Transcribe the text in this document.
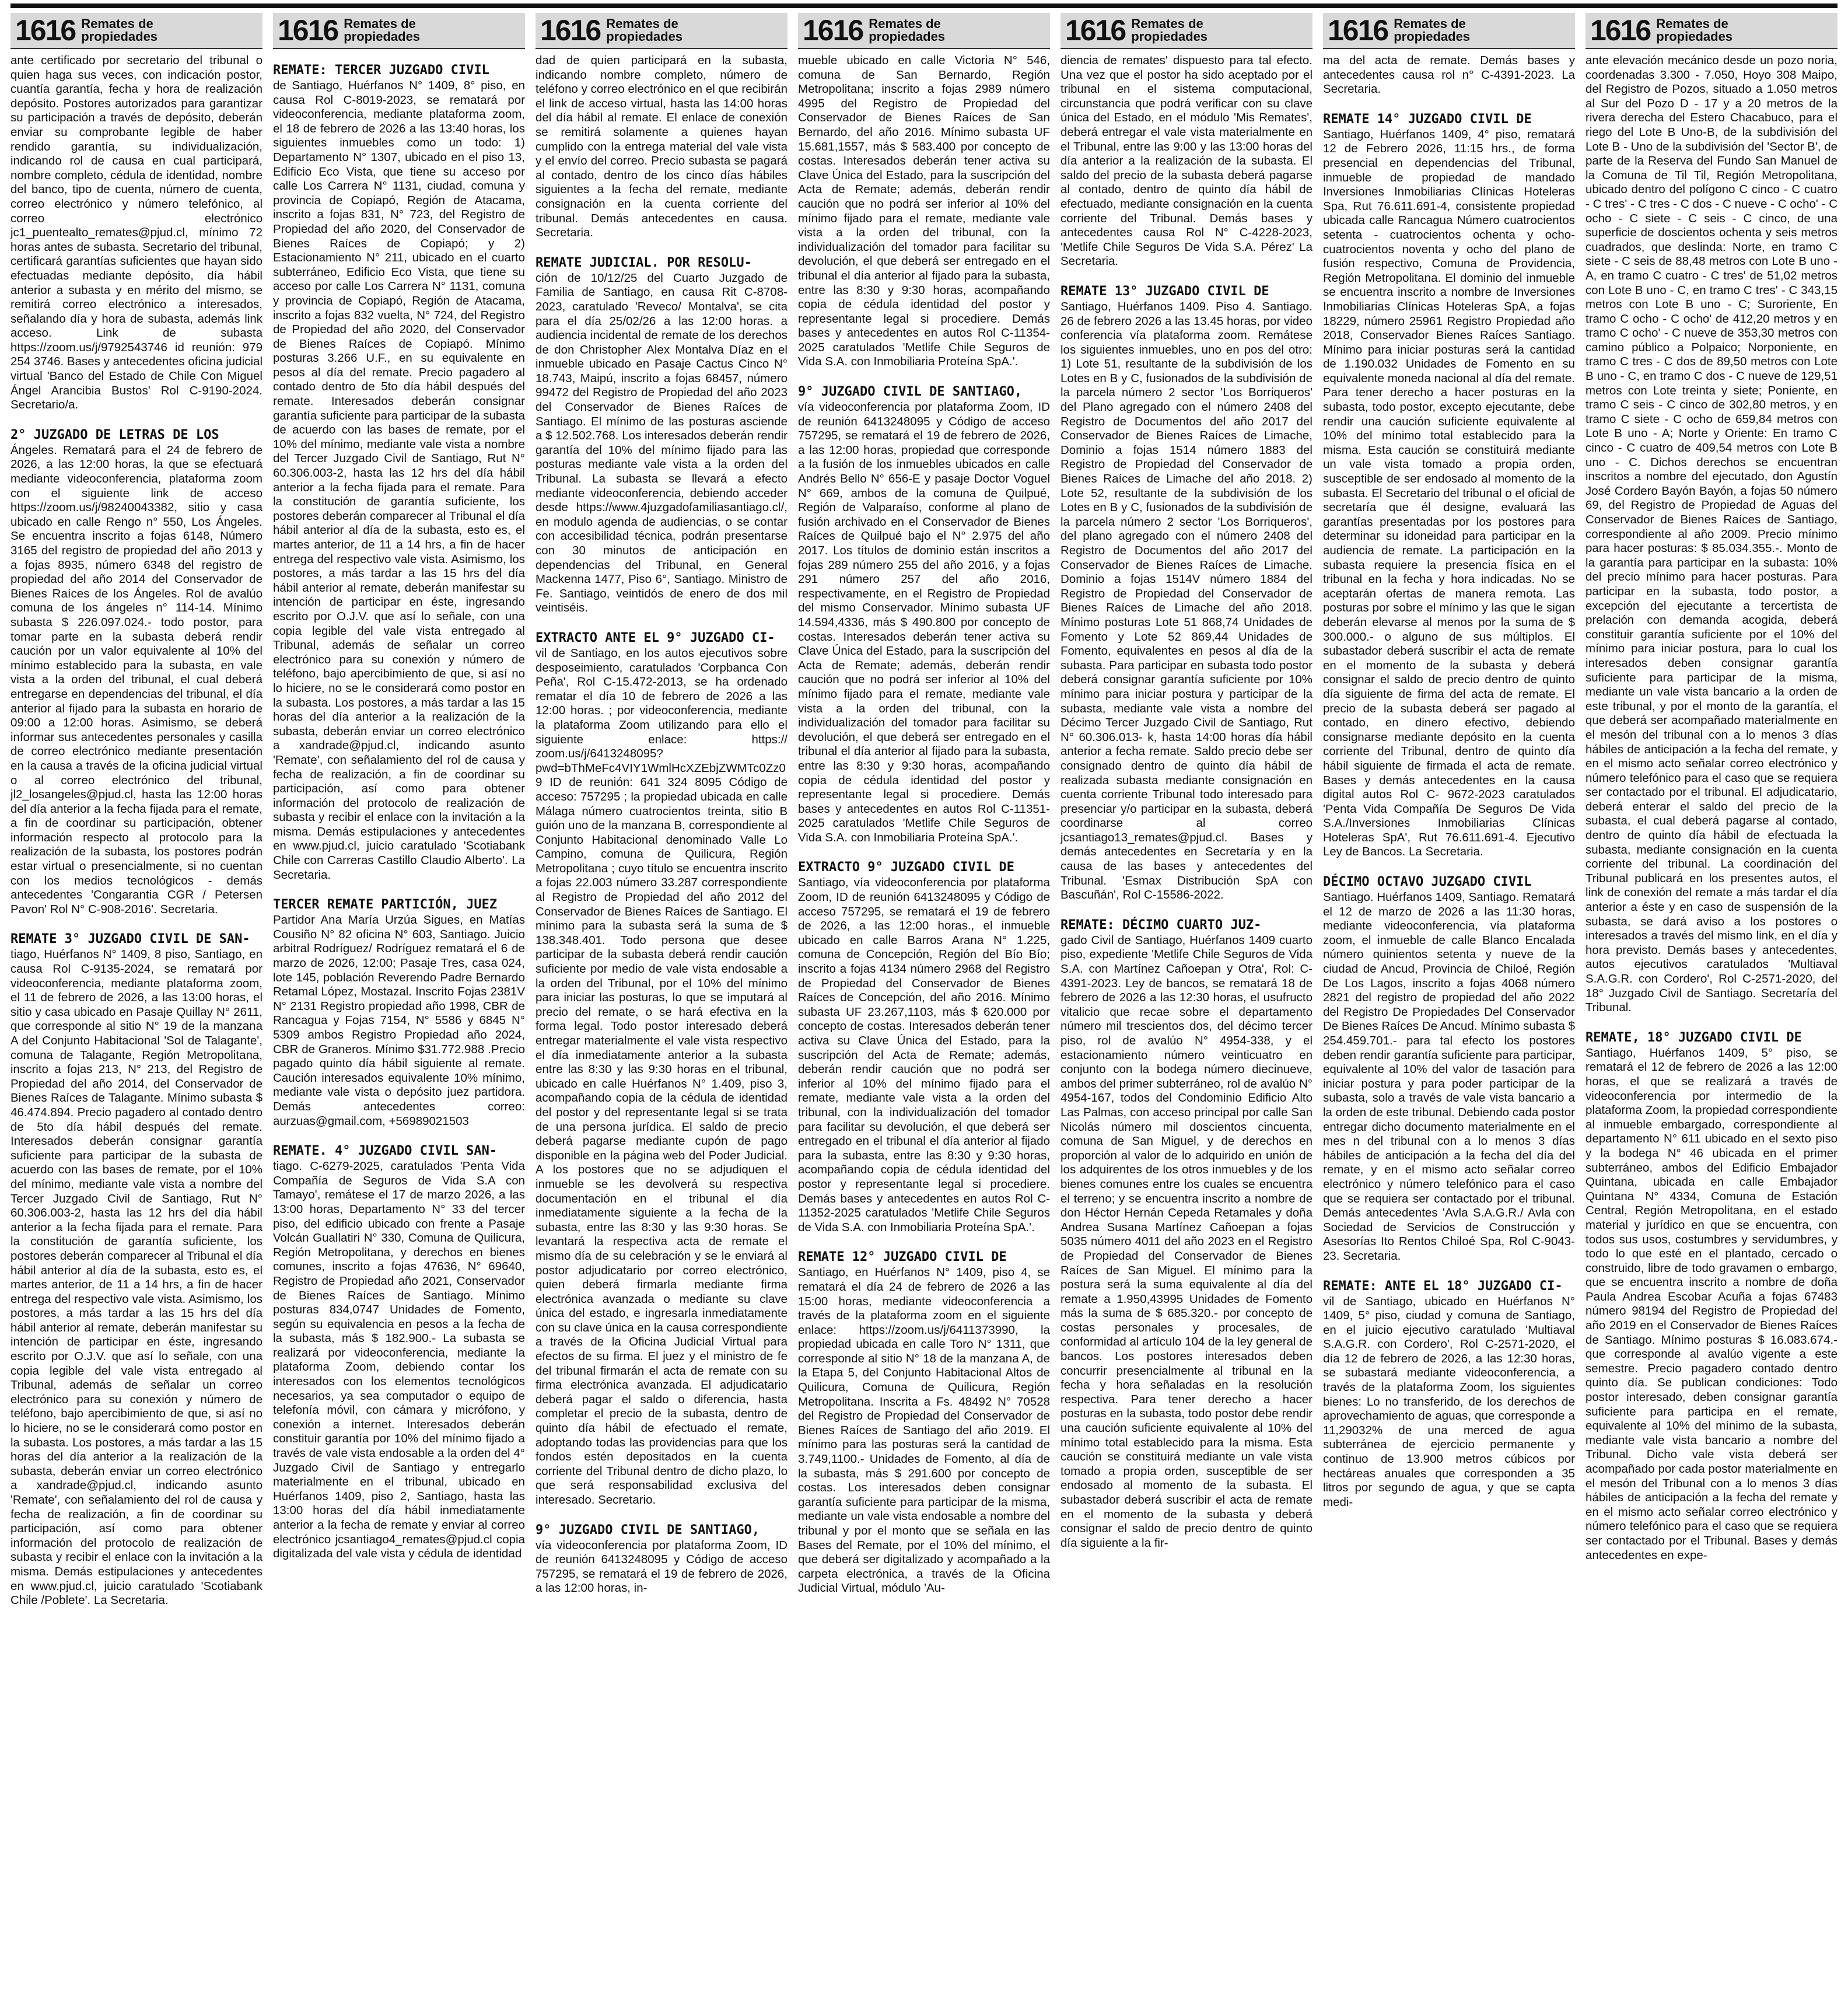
1616 Remates de
propiedades

ante certificado por secretario del tribunal o quien haga sus veces, con indicación postor, cuantía garantía, fecha y hora de realización depósito. Postores autorizados para garantizar su participación a través de depósito, deberán enviar su comprobante legible de haber rendido garantía, su individualización, indicando rol de causa en cual participará, nombre completo, cédula de identidad, nombre del banco, tipo de cuenta, número de cuenta, correo electrónico y número telefónico, al correo electrónico jc1_puentealto_remates@pjud.cl, mínimo 72 horas antes de subasta. Secretario del tribunal, certificará garantías suficientes que hayan sido efectuadas mediante depósito, día hábil anterior a subasta y en mérito del mismo, se remitirá correo electrónico a interesados, señalando día y hora de subasta, además link acceso. Link de subasta https://zoom.us/j/9792543746 id reunión: 979 254 3746. Bases y antecedentes oficina judicial virtual 'Banco del Estado de Chile Con Miguel Ángel Arancibia Bustos' Rol C-9190-2024. Secretario/a.

2° JUZGADO DE LETRAS DE LOS

Ángeles. Rematará para el 24 de febrero de 2026, a las 12:00 horas, la que se efectuará mediante videoconferencia, plataforma zoom con el siguiente link de acceso https://zoom.us/j/98240043382, sitio y casa ubicado en calle Rengo n° 550, Los Ángeles. Se encuentra inscrito a fojas 6148, Número 3165 del registro de propiedad del año 2013 y a fojas 8935, número 6348 del registro de propiedad del año 2014 del Conservador de Bienes Raíces de los Ángeles. Rol de avalúo comuna de los ángeles n° 114-14. Mínimo subasta $ 226.097.024.- todo postor, para tomar parte en la subasta deberá rendir caución por un valor equivalente al 10% del mínimo establecido para la subasta, en vale vista a la orden del tribunal, el cual deberá entregarse en dependencias del tribunal, el día anterior al fijado para la subasta en horario de 09:00 a 12:00 horas. Asimismo, se deberá informar sus antecedentes personales y casilla de correo electrónico mediante presentación en la causa a través de la oficina judicial virtual o al correo electrónico del tribunal, jl2_losangeles@pjud.cl, hasta las 12:00 horas del día anterior a la fecha fijada para el remate, a fin de coordinar su participación, obtener información respecto al protocolo para la realización de la subasta, los postores podrán estar virtual o presencialmente, si no cuentan con los medios tecnológicos - demás antecedentes 'Congarantia CGR / Petersen Pavon' Rol N° C-908-2016'. Secretaria.

REMATE 3° JUZGADO CIVIL DE SAN-

tiago, Huérfanos N° 1409, 8 piso, Santiago, en causa Rol C-9135-2024, se rematará por videoconferencia, mediante plataforma zoom, el 11 de febrero de 2026, a las 13:00 horas, el sitio y casa ubicado en Pasaje Quillay N° 2611, que corresponde al sitio N° 19 de la manzana A del Conjunto Habitacional 'Sol de Talagante', comuna de Talagante, Región Metropolitana, inscrito a fojas 213, N° 213, del Registro de Propiedad del año 2014, del Conservador de Bienes Raíces de Talagante. Mínimo subasta $ 46.474.894. Precio pagadero al contado dentro de 5to día hábil después del remate. Interesados deberán consignar garantía suficiente para participar de la subasta de acuerdo con las bases de remate, por el 10% del mínimo, mediante vale vista a nombre del Tercer Juzgado Civil de Santiago, Rut N° 60.306.003-2, hasta las 12 hrs del día hábil anterior a la fecha fijada para el remate. Para la constitución de garantía suficiente, los postores deberán comparecer al Tribunal el día hábil anterior al día de la subasta, esto es, el martes anterior, de 11 a 14 hrs, a fin de hacer entrega del respectivo vale vista. Asimismo, los postores, a más tardar a las 15 hrs del día hábil anterior al remate, deberán manifestar su intención de participar en éste, ingresando escrito por O.J.V. que así lo señale, con una copia legible del vale vista entregado al Tribunal, además de señalar un correo electrónico para su conexión y número de teléfono, bajo apercibimiento de que, si así no lo hiciere, no se le considerará como postor en la subasta. Los postores, a más tardar a las 15 horas del día anterior a la realización de la subasta, deberán enviar un correo electrónico a xandrade@pjud.cl, indicando asunto 'Remate', con señalamiento del rol de causa y fecha de realización, a fin de coordinar su participación, así como para obtener información del protocolo de realización de subasta y recibir el enlace con la invitación a la misma. Demás estipulaciones y antecedentes en www.pjud.cl, juicio caratulado 'Scotiabank Chile /Poblete'. La Secretaria.

1616 Remates de
propiedades
REMATE: TERCER JUZGADO CIVIL

de Santiago, Huérfanos N° 1409, 8° piso, en causa Rol C-8019-2023, se rematará por videoconferencia, mediante plataforma zoom, el 18 de febrero de 2026 a las 13:40 horas, los siguientes inmuebles como un todo: 1) Departamento N° 1307, ubicado en el piso 13, Edificio Eco Vista, que tiene su acceso por calle Los Carrera N° 1131, ciudad, comuna y provincia de Copiapó, Región de Atacama, inscrito a fojas 831, N° 723, del Registro de Propiedad del año 2020, del Conservador de Bienes Raíces de Copiapó; y 2) Estacionamiento N° 211, ubicado en el cuarto subterráneo, Edificio Eco Vista, que tiene su acceso por calle Los Carrera N° 1131, comuna y provincia de Copiapó, Región de Atacama, inscrito a fojas 832 vuelta, N° 724, del Registro de Propiedad del año 2020, del Conservador de Bienes Raíces de Copiapó. Mínimo posturas 3.266 U.F., en su equivalente en pesos al día del remate. Precio pagadero al contado dentro de 5to día hábil después del remate. Interesados deberán consignar garantía suficiente para participar de la subasta de acuerdo con las bases de remate, por el 10% del mínimo, mediante vale vista a nombre del Tercer Juzgado Civil de Santiago, Rut N° 60.306.003-2, hasta las 12 hrs del día hábil anterior a la fecha fijada para el remate. Para la constitución de garantía suficiente, los postores deberán comparecer al Tribunal el día hábil anterior al día de la subasta, esto es, el martes anterior, de 11 a 14 hrs, a fin de hacer entrega del respectivo vale vista. Asimismo, los postores, a más tardar a las 15 hrs del día hábil anterior al remate, deberán manifestar su intención de participar en éste, ingresando escrito por O.J.V. que así lo señale, con una copia legible del vale vista entregado al Tribunal, además de señalar un correo electrónico para su conexión y número de teléfono, bajo apercibimiento de que, si así no lo hiciere, no se le considerará como postor en la subasta. Los postores, a más tardar a las 15 horas del día anterior a la realización de la subasta, deberán enviar un correo electrónico a xandrade@pjud.cl, indicando asunto 'Remate', con señalamiento del rol de causa y fecha de realización, a fin de coordinar su participación, así como para obtener información del protocolo de realización de subasta y recibir el enlace con la invitación a la misma. Demás estipulaciones y antecedentes en www.pjud.cl, juicio caratulado 'Scotiabank Chile con Carreras Castillo Claudio Alberto'. La Secretaria.

TERCER REMATE PARTICIÓN, JUEZ

Partidor Ana María Urzúa Sigues, en Matías Cousiño N° 82 oficina N° 603, Santiago. Juicio arbitral Rodríguez/ Rodríguez rematará el 6 de marzo de 2026, 12:00; Pasaje Tres, casa 024, lote 145, población Reverendo Padre Bernardo Retamal López, Mostazal. Inscrito Fojas 2381V N° 2131 Registro propiedad año 1998, CBR de Rancagua y Fojas 7154, N° 5586 y 6845 N° 5309 ambos Registro Propiedad año 2024, CBR de Graneros. Mínimo $31.772.988 .Precio pagado quinto día hábil siguiente al remate. Caución interesados equivalente 10% mínimo, mediante vale vista o depósito juez partidora. Demás antecedentes correo: aurzuas@gmail.com, +56989021503

REMATE. 4° JUZGADO CIVIL SAN-

tiago. C-6279-2025, caratulados 'Penta Vida Compañía de Seguros de Vida S.A con Tamayo', remátese el 17 de marzo 2026, a las 13:00 horas, Departamento N° 33 del tercer piso, del edificio ubicado con frente a Pasaje Volcán Guallatiri N° 330, Comuna de Quilicura, Región Metropolitana, y derechos en bienes comunes, inscrito a fojas 47636, N° 69640, Registro de Propiedad año 2021, Conservador de Bienes Raíces de Santiago. Mínimo posturas 834,0747 Unidades de Fomento, según su equivalencia en pesos a la fecha de la subasta, más $ 182.900.- La subasta se realizará por videoconferencia, mediante la plataforma Zoom, debiendo contar los interesados con los elementos tecnológicos necesarios, ya sea computador o equipo de telefonía móvil, con cámara y micrófono, y conexión a internet. Interesados deberán constituir garantía por 10% del mínimo fijado a través de vale vista endosable a la orden del 4° Juzgado Civil de Santiago y entregarlo materialmente en el tribunal, ubicado en Huérfanos 1409, piso 2, Santiago, hasta las 13:00 horas del día hábil inmediatamente anterior a la fecha de remate y enviar al correo electrónico jcsantiago4_remates@pjud.cl copia digitalizada del vale vista y cédula de identidad

1616 Remates de
propiedades

dad de quien participará en la subasta, indicando nombre completo, número de teléfono y correo electrónico en el que recibirán el link de acceso virtual, hasta las 14:00 horas del día hábil al remate. El enlace de conexión se remitirá solamente a quienes hayan cumplido con la entrega material del vale vista y el envío del correo. Precio subasta se pagará al contado, dentro de los cinco días hábiles siguientes a la fecha del remate, mediante consignación en la cuenta corriente del tribunal. Demás antecedentes en causa. Secretaria.

REMATE JUDICIAL. POR RESOLU-

ción de 10/12/25 del Cuarto Juzgado de Familia de Santiago, en causa Rit C-8708-2023, caratulado 'Reveco/ Montalva', se cita para el día 25/02/26 a las 12:00 horas. a audiencia incidental de remate de los derechos de don Christopher Alex Montalva Díaz en el inmueble ubicado en Pasaje Cactus Cinco N° 18.743, Maipú, inscrito a fojas 68457, número 99472 del Registro de Propiedad del año 2023 del Conservador de Bienes Raíces de Santiago. El mínimo de las posturas asciende a $ 12.502.768. Los interesados deberán rendir garantía del 10% del mínimo fijado para las posturas mediante vale vista a la orden del Tribunal. La subasta se llevará a efecto mediante videoconferencia, debiendo acceder desde https://www.4juzgadofamiliasantiago.cl/, en modulo agenda de audiencias, o se contar con accesibilidad técnica, podrán presentarse con 30 minutos de anticipación en dependencias del Tribunal, en General Mackenna 1477, Piso 6°, Santiago. Ministro de Fe. Santiago, veintidós de enero de dos mil veintiséis.

EXTRACTO ANTE EL 9° JUZGADO CI-

vil de Santiago, en los autos ejecutivos sobre desposeimiento, caratulados 'Corpbanca Con Peña', Rol C-15.472-2013, se ha ordenado rematar el día 10 de febrero de 2026 a las 12:00 horas. ; por videoconferencia, mediante la plataforma Zoom utilizando para ello el siguiente enlace: https:// zoom.us/j/6413248095? pwd=bThMeFc4VIY1WmlHcXZEbjZWMTc0Zz09 ID de reunión: 641 324 8095 Código de acceso: 757295 ; la propiedad ubicada en calle Málaga número cuatrocientos treinta, sitio B guión uno de la manzana B, correspondiente al Conjunto Habitacional denominado Valle Lo Campino, comuna de Quilicura, Región Metropolitana ; cuyo título se encuentra inscrito a fojas 22.003 número 33.287 correspondiente al Registro de Propiedad del año 2012 del Conservador de Bienes Raíces de Santiago. El mínimo para la subasta será la suma de $ 138.348.401. Todo persona que desee participar de la subasta deberá rendir caución suficiente por medio de vale vista endosable a la orden del Tribunal, por el 10% del mínimo para iniciar las posturas, lo que se imputará al precio del remate, o se hará efectiva en la forma legal. Todo postor interesado deberá entregar materialmente el vale vista respectivo el día inmediatamente anterior a la subasta entre las 8:30 y las 9:30 horas en el tribunal, ubicado en calle Huérfanos N° 1.409, piso 3, acompañando copia de la cédula de identidad del postor y del representante legal si se trata de una persona jurídica. El saldo de precio deberá pagarse mediante cupón de pago disponible en la página web del Poder Judicial. A los postores que no se adjudiquen el inmueble se les devolverá su respectiva documentación en el tribunal el día inmediatamente siguiente a la fecha de la subasta, entre las 8:30 y las 9:30 horas. Se levantará la respectiva acta de remate el mismo día de su celebración y se le enviará al postor adjudicatario por correo electrónico, quien deberá firmarla mediante firma electrónica avanzada o mediante su clave única del estado, e ingresarla inmediatamente con su clave única en la causa correspondiente a través de la Oficina Judicial Virtual para efectos de su firma. El juez y el ministro de fe del tribunal firmarán el acta de remate con su firma electrónica avanzada. El adjudicatario deberá pagar el saldo o diferencia, hasta completar el precio de la subasta, dentro de quinto día hábil de efectuado el remate, adoptando todas las providencias para que los fondos estén depositados en la cuenta corriente del Tribunal dentro de dicho plazo, lo que será responsabilidad exclusiva del interesado. Secretario.

9° JUZGADO CIVIL DE SANTIAGO,

vía videoconferencia por plataforma Zoom, ID de reunión 6413248095 y Código de acceso 757295, se rematará el 19 de febrero de 2026, a las 12:00 horas, in-

1616 Remates de
propiedades

mueble ubicado en calle Victoria N° 546, comuna de San Bernardo, Región Metropolitana; inscrito a fojas 2989 número 4995 del Registro de Propiedad del Conservador de Bienes Raíces de San Bernardo, del año 2016. Mínimo subasta UF 15.681,1557, más $ 583.400 por concepto de costas. Interesados deberán tener activa su Clave Única del Estado, para la suscripción del Acta de Remate; además, deberán rendir caución que no podrá ser inferior al 10% del mínimo fijado para el remate, mediante vale vista a la orden del tribunal, con la individualización del tomador para facilitar su devolución, el que deberá ser entregado en el tribunal el día anterior al fijado para la subasta, entre las 8:30 y 9:30 horas, acompañando copia de cédula identidad del postor y representante legal si procediere. Demás bases y antecedentes en autos Rol C-11354-2025 caratulados 'Metlife Chile Seguros de Vida S.A. con Inmobiliaria Proteína SpA.'.

9° JUZGADO CIVIL DE SANTIAGO,

vía videoconferencia por plataforma Zoom, ID de reunión 6413248095 y Código de acceso 757295, se rematará el 19 de febrero de 2026, a las 12:00 horas, propiedad que corresponde a la fusión de los inmuebles ubicados en calle Andrés Bello N° 656-E y pasaje Doctor Voguel N° 669, ambos de la comuna de Quilpué, Región de Valparaíso, conforme al plano de fusión archivado en el Conservador de Bienes Raíces de Quilpué bajo el N° 2.975 del año 2017. Los títulos de dominio están inscritos a fojas 289 número 255 del año 2016, y a fojas 291 número 257 del año 2016, respectivamente, en el Registro de Propiedad del mismo Conservador. Mínimo subasta UF 14.594,4336, más $ 490.800 por concepto de costas. Interesados deberán tener activa su Clave Única del Estado, para la suscripción del Acta de Remate; además, deberán rendir caución que no podrá ser inferior al 10% del mínimo fijado para el remate, mediante vale vista a la orden del tribunal, con la individualización del tomador para facilitar su devolución, el que deberá ser entregado en el tribunal el día anterior al fijado para la subasta, entre las 8:30 y 9:30 horas, acompañando copia de cédula identidad del postor y representante legal si procediere. Demás bases y antecedentes en autos Rol C-11351-2025 caratulados 'Metlife Chile Seguros de Vida S.A. con Inmobiliaria Proteína SpA.'.

EXTRACTO 9° JUZGADO CIVIL DE

Santiago, vía videoconferencia por plataforma Zoom, ID de reunión 6413248095 y Código de acceso 757295, se rematará el 19 de febrero de 2026, a las 12:00 horas., el inmueble ubicado en calle Barros Arana N° 1.225, comuna de Concepción, Región del Bío Bío; inscrito a fojas 4134 número 2968 del Registro de Propiedad del Conservador de Bienes Raíces de Concepción, del año 2016. Mínimo subasta UF 23.267,1103, más $ 620.000 por concepto de costas. Interesados deberán tener activa su Clave Única del Estado, para la suscripción del Acta de Remate; además, deberán rendir caución que no podrá ser inferior al 10% del mínimo fijado para el remate, mediante vale vista a la orden del tribunal, con la individualización del tomador para facilitar su devolución, el que deberá ser entregado en el tribunal el día anterior al fijado para la subasta, entre las 8:30 y 9:30 horas, acompañando copia de cédula identidad del postor y representante legal si procediere. Demás bases y antecedentes en autos Rol C-11352-2025 caratulados 'Metlife Chile Seguros de Vida S.A. con Inmobiliaria Proteína SpA.'.

REMATE 12° JUZGADO CIVIL DE

Santiago, en Huérfanos N° 1409, piso 4, se rematará el día 24 de febrero de 2026 a las 15:00 horas, mediante videoconferencia a través de la plataforma zoom en el siguiente enlace: https://zoom.us/j/6411373990, la propiedad ubicada en calle Toro N° 1311, que corresponde al sitio N° 18 de la manzana A, de la Etapa 5, del Conjunto Habitacional Altos de Quilicura, Comuna de Quilicura, Región Metropolitana. Inscrita a Fs. 48492 N° 70528 del Registro de Propiedad del Conservador de Bienes Raíces de Santiago del año 2019. El mínimo para las posturas será la cantidad de 3.749,1100.- Unidades de Fomento, al día de la subasta, más $ 291.600 por concepto de costas. Los interesados deben consignar garantía suficiente para participar de la misma, mediante un vale vista endosable a nombre del tribunal y por el monto que se señala en las Bases del Remate, por el 10% del mínimo, el que deberá ser digitalizado y acompañado a la carpeta electrónica, a través de la Oficina Judicial Virtual, módulo 'Au-

1616 Remates de
propiedades

diencia de remates' dispuesto para tal efecto. Una vez que el postor ha sido aceptado por el tribunal en el sistema computacional, circunstancia que podrá verificar con su clave única del Estado, en el módulo 'Mis Remates', deberá entregar el vale vista materialmente en el Tribunal, entre las 9:00 y las 13:00 horas del día anterior a la realización de la subasta. El saldo del precio de la subasta deberá pagarse al contado, dentro de quinto día hábil de efectuado, mediante consignación en la cuenta corriente del Tribunal. Demás bases y antecedentes causa Rol N° C-4228-2023, 'Metlife Chile Seguros De Vida S.A. Pérez' La Secretaria.

REMATE 13° JUZGADO CIVIL DE

Santiago, Huérfanos 1409. Piso 4. Santiago. 26 de febrero 2026 a las 13.45 horas, por video conferencia vía plataforma zoom. Remátese los siguientes inmuebles, uno en pos del otro: 1) Lote 51, resultante de la subdivisión de los Lotes en B y C, fusionados de la subdivisión de la parcela número 2 sector 'Los Borriqueros' del Plano agregado con el número 2408 del Registro de Documentos del año 2017 del Conservador de Bienes Raíces de Limache, Dominio a fojas 1514 número 1883 del Registro de Propiedad del Conservador de Bienes Raíces de Limache del año 2018. 2) Lote 52, resultante de la subdivisión de los Lotes en B y C, fusionados de la subdivisión de la parcela número 2 sector 'Los Borriqueros', del plano agregado con el número 2408 del Registro de Documentos del año 2017 del Conservador de Bienes Raíces de Limache. Dominio a fojas 1514V número 1884 del Registro de Propiedad del Conservador de Bienes Raíces de Limache del año 2018. Mínimo posturas Lote 51 868,74 Unidades de Fomento y Lote 52 869,44 Unidades de Fomento, equivalentes en pesos al día de la subasta. Para participar en subasta todo postor deberá consignar garantía suficiente por 10% mínimo para iniciar postura y participar de la subasta, mediante vale vista a nombre del Décimo Tercer Juzgado Civil de Santiago, Rut N° 60.306.013- k, hasta 14:00 horas día hábil anterior a fecha remate. Saldo precio debe ser consignado dentro de quinto día hábil de realizada subasta mediante consignación en cuenta corriente Tribunal todo interesado para presenciar y/o participar en la subasta, deberá coordinarse al correo jcsantiago13_remates@pjud.cl. Bases y demás antecedentes en Secretaría y en la causa de las bases y antecedentes del Tribunal. 'Esmax Distribución SpA con Bascuñán', Rol C-15586-2022.

REMATE: DÉCIMO CUARTO JUZ-

gado Civil de Santiago, Huérfanos 1409 cuarto piso, expediente 'Metlife Chile Seguros de Vida S.A. con Martínez Cañoepan y Otra', Rol: C- 4391-2023. Ley de bancos, se rematará 18 de febrero de 2026 a las 12:30 horas, el usufructo vitalicio que recae sobre el departamento número mil trescientos dos, del décimo tercer piso, rol de avalúo N° 4954-338, y el estacionamiento número veinticuatro en conjunto con la bodega número diecinueve, ambos del primer subterráneo, rol de avalúo N° 4954-167, todos del Condominio Edificio Alto Las Palmas, con acceso principal por calle San Nicolás número mil doscientos cincuenta, comuna de San Miguel, y de derechos en proporción al valor de lo adquirido en unión de los adquirentes de los otros inmuebles y de los bienes comunes entre los cuales se encuentra el terreno; y se encuentra inscrito a nombre de don Héctor Hernán Cepeda Retamales y doña Andrea Susana Martínez Cañoepan a fojas 5035 número 4011 del año 2023 en el Registro de Propiedad del Conservador de Bienes Raíces de San Miguel. El mínimo para la postura será la suma equivalente al día del remate a 1.950,43995 Unidades de Fomento más la suma de $ 685.320.- por concepto de costas personales y procesales, de conformidad al artículo 104 de la ley general de bancos. Los postores interesados deben concurrir presencialmente al tribunal en la fecha y hora señaladas en la resolución respectiva. Para tener derecho a hacer posturas en la subasta, todo postor debe rendir una caución suficiente equivalente al 10% del mínimo total establecido para la misma. Esta caución se constituirá mediante un vale vista tomado a propia orden, susceptible de ser endosado al momento de la subasta. El subastador deberá suscribir el acta de remate en el momento de la subasta y deberá consignar el saldo de precio dentro de quinto día siguiente a la fir-

1616 Remates de
propiedades

ma del acta de remate. Demás bases y antecedentes causa rol n° C-4391-2023. La Secretaria.

REMATE 14° JUZGADO CIVIL DE

Santiago, Huérfanos 1409, 4° piso, rematará 12 de Febrero 2026, 11:15 hrs., de forma presencial en dependencias del Tribunal, inmueble de propiedad de mandado Inversiones Inmobiliarias Clínicas Hoteleras Spa, Rut 76.611.691-4, consistente propiedad ubicada calle Rancagua Número cuatrocientos setenta - cuatrocientos ochenta y ocho- cuatrocientos noventa y ocho del plano de fusión respectivo, Comuna de Providencia, Región Metropolitana. El dominio del inmueble se encuentra inscrito a nombre de Inversiones Inmobiliarias Clínicas Hoteleras SpA, a fojas 18229, número 25961 Registro Propiedad año 2018, Conservador Bienes Raíces Santiago. Mínimo para iniciar posturas será la cantidad de 1.190.032 Unidades de Fomento en su equivalente moneda nacional al día del remate. Para tener derecho a hacer posturas en la subasta, todo postor, excepto ejecutante, debe rendir una caución suficiente equivalente al 10% del mínimo total establecido para la misma. Esta caución se constituirá mediante un vale vista tomado a propia orden, susceptible de ser endosado al momento de la subasta. El Secretario del tribunal o el oficial de secretaría que él designe, evaluará las garantías presentadas por los postores para determinar su idoneidad para participar en la audiencia de remate. La participación en la subasta requiere la presencia física en el tribunal en la fecha y hora indicadas. No se aceptarán ofertas de manera remota. Las posturas por sobre el mínimo y las que le sigan deberán elevarse al menos por la suma de $ 300.000.- o alguno de sus múltiplos. El subastador deberá suscribir el acta de remate en el momento de la subasta y deberá consignar el saldo de precio dentro de quinto día siguiente de firma del acta de remate. El precio de la subasta deberá ser pagado al contado, en dinero efectivo, debiendo consignarse mediante depósito en la cuenta corriente del Tribunal, dentro de quinto día hábil siguiente de firmada el acta de remate. Bases y demás antecedentes en la causa digital autos Rol C- 9672-2023 caratulados 'Penta Vida Compañía De Seguros De Vida S.A./Inversiones Inmobiliarias Clínicas Hoteleras SpA', Rut 76.611.691-4. Ejecutivo Ley de Bancos. La Secretaria.

DÉCIMO OCTAVO JUZGADO CIVIL

Santiago. Huérfanos 1409, Santiago. Rematará el 12 de marzo de 2026 a las 11:30 horas, mediante videoconferencia, vía plataforma zoom, el inmueble de calle Blanco Encalada número quinientos setenta y nueve de la ciudad de Ancud, Provincia de Chiloé, Región De Los Lagos, inscrito a fojas 4068 número 2821 del registro de propiedad del año 2022 del Registro De Propiedades Del Conservador De Bienes Raíces De Ancud. Mínimo subasta $ 254.459.701.- para tal efecto los postores deben rendir garantía suficiente para participar, equivalente al 10% del valor de tasación para iniciar postura y para poder participar de la subasta, solo a través de vale vista bancario a la orden de este tribunal. Debiendo cada postor entregar dicho documento materialmente en el mes n del tribunal con a lo menos 3 días hábiles de anticipación a la fecha del día del remate, y en el mismo acto señalar correo electrónico y número telefónico para el caso que se requiera ser contactado por el tribunal. Demás antecedentes 'Avla S.A.G.R./ Avla con Sociedad de Servicios de Construcción y Asesorías Ito Rentos Chiloé Spa, Rol C-9043-23. Secretaria.

REMATE: ANTE EL 18° JUZGADO CI-

vil de Santiago, ubicado en Huérfanos N° 1409, 5° piso, ciudad y comuna de Santiago, en el juicio ejecutivo caratulado 'Multiaval S.A.G.R. con Cordero', Rol C-2571-2020, el día 12 de febrero de 2026, a las 12:30 horas, se subastará mediante videoconferencia, a través de la plataforma Zoom, los siguientes bienes: Lo no transferido, de los derechos de aprovechamiento de aguas, que corresponde a 11,29032% de una merced de agua subterránea de ejercicio permanente y continuo de 13.900 metros cúbicos por hectáreas anuales que corresponden a 35 litros por segundo de agua, y que se capta medi-

1616 Remates de
propiedades

ante elevación mecánico desde un pozo noria, coordenadas 3.300 - 7.050, Hoyo 308 Maipo, del Registro de Pozos, situado a 1.050 metros al Sur del Pozo D - 17 y a 20 metros de la rivera derecha del Estero Chacabuco, para el riego del Lote B Uno-B, de la subdivisión del Lote B - Uno de la subdivisión del 'Sector B', de parte de la Reserva del Fundo San Manuel de la Comuna de Til Til, Región Metropolitana, ubicado dentro del polígono C cinco - C cuatro - C tres' - C tres - C dos - C nueve - C ocho' - C ocho - C siete - C seis - C cinco, de una superficie de doscientos ochenta y seis metros cuadrados, que deslinda: Norte, en tramo C siete - C seis de 88,48 metros con Lote B uno - A, en tramo C cuatro - C tres' de 51,02 metros con Lote B uno - C, en tramo C tres' - C 343,15 metros con Lote B uno - C; Suroriente, En tramo C ocho - C ocho' de 412,20 metros y en tramo C ocho' - C nueve de 353,30 metros con camino público a Polpaico; Norponiente, en tramo C tres - C dos de 89,50 metros con Lote B uno - C, en tramo C dos - C nueve de 129,51 metros con Lote treinta y siete; Poniente, en tramo C seis - C cinco de 302,80 metros, y en tramo C siete - C ocho de 659,84 metros con Lote B uno - A; Norte y Oriente: En tramo C cinco - C cuatro de 409,54 metros con Lote B uno - C. Dichos derechos se encuentran inscritos a nombre del ejecutado, don Agustín José Cordero Bayón Bayón, a fojas 50 número 69, del Registro de Propiedad de Aguas del Conservador de Bienes Raíces de Santiago, correspondiente al año 2009. Precio mínimo para hacer posturas: $ 85.034.355.-. Monto de la garantía para participar en la subasta: 10% del precio mínimo para hacer posturas. Para participar en la subasta, todo postor, a excepción del ejecutante a tercertista de prelación con demanda acogida, deberá constituir garantía suficiente por el 10% del mínimo para iniciar postura, para lo cual los interesados deben consignar garantía suficiente para participar de la misma, mediante un vale vista bancario a la orden de este tribunal, y por el monto de la garantía, el que deberá ser acompañado materialmente en el mesón del tribunal con a lo menos 3 días hábiles de anticipación a la fecha del remate, y en el mismo acto señalar correo electrónico y número telefónico para el caso que se requiera ser contactado por el tribunal. El adjudicatario, deberá enterar el saldo del precio de la subasta, el cual deberá pagarse al contado, dentro de quinto día hábil de efectuada la subasta, mediante consignación en la cuenta corriente del tribunal. La coordinación del Tribunal publicará en los presentes autos, el link de conexión del remate a más tardar el día anterior a éste y en caso de suspensión de la subasta, se dará aviso a los postores o interesados a través del mismo link, en el día y hora previsto. Demás bases y antecedentes, autos ejecutivos caratulados 'Multiaval S.A.G.R. con Cordero', Rol C-2571-2020, del 18° Juzgado Civil de Santiago. Secretaría del Tribunal.

REMATE, 18° JUZGADO CIVIL DE

Santiago, Huérfanos 1409, 5° piso, se rematará el 12 de febrero de 2026 a las 12:00 horas, el que se realizará a través de videoconferencia por intermedio de la plataforma Zoom, la propiedad correspondiente al inmueble embargado, correspondiente al departamento N° 611 ubicado en el sexto piso y la bodega N° 46 ubicada en el primer subterráneo, ambos del Edificio Embajador Quintana, ubicada en calle Embajador Quintana N° 4334, Comuna de Estación Central, Región Metropolitana, en el estado material y jurídico en que se encuentra, con todos sus usos, costumbres y servidumbres, y todo lo que esté en el plantado, cercado o construido, libre de todo gravamen o embargo, que se encuentra inscrito a nombre de doña Paula Andrea Escobar Acuña a fojas 67483 número 98194 del Registro de Propiedad del año 2019 en el Conservador de Bienes Raíces de Santiago. Mínimo posturas $ 16.083.674.- que corresponde al avalúo vigente a este semestre. Precio pagadero contado dentro quinto día. Se publican condiciones: Todo postor interesado, deben consignar garantía suficiente para participa en el remate, equivalente al 10% del mínimo de la subasta, mediante vale vista bancario a nombre del Tribunal. Dicho vale vista deberá ser acompañado por cada postor materialmente en el mesón del Tribunal con a lo menos 3 días hábiles de anticipación a la fecha del remate y en el mismo acto señalar correo electrónico y número telefónico para el caso que se requiera ser contactado por el Tribunal. Bases y demás antecedentes en expe-
